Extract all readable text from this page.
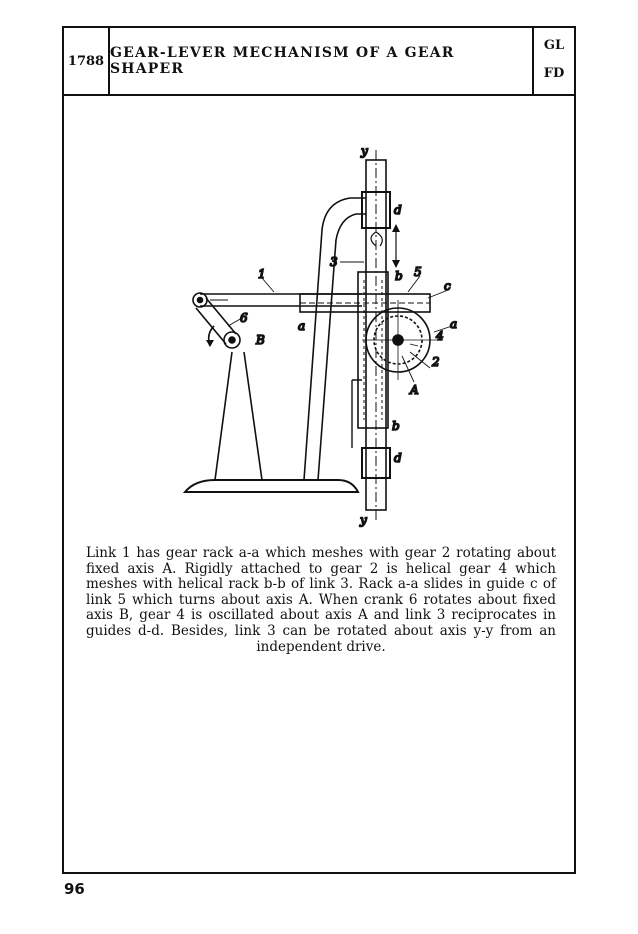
1788 GEAR-LEVER MECHANISM OF A GEAR SHAPER
GL
FD
y
d
3
1	b 5
c
6
a	a
B	4
2
A
b
d
y
Link 1 has gear rack a-a which meshes with gear 2 rotating about fixed axis A. Rigidly attached to gear 2 is helical gear 4 which meshes with helical rack b-b of link 3. Rack a-a slides in guide c of link 5 which turns about axis A. When crank 6 rotates about fixed axis B, gear 4 is oscillated about axis A and link 3 reciprocates in guides d-d. Besides, link 3 can be rotated about axis y-y from an independent drive.
96
